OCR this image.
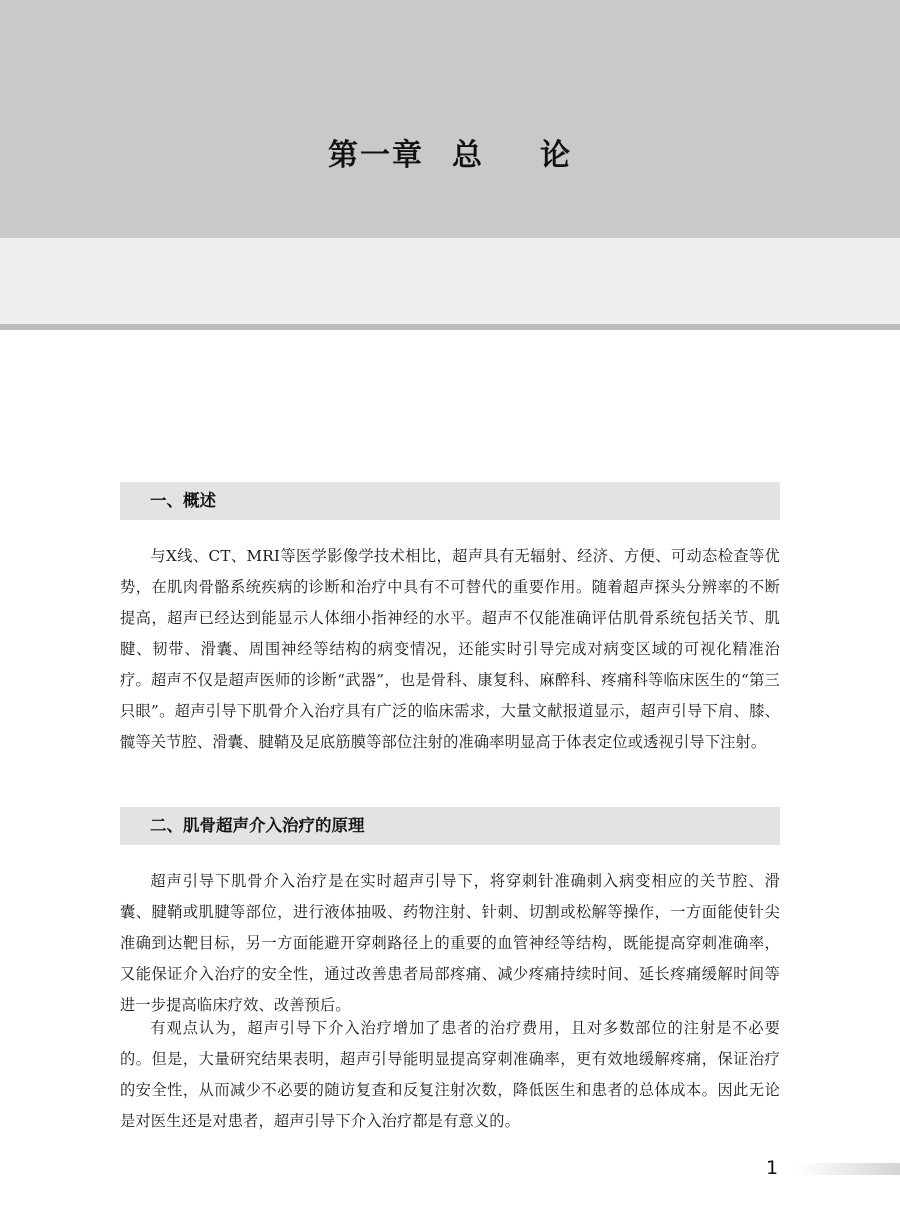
第一章 总 论
一、概述

与X线、CT、MRI等医学影像学技术相比，超声具有无辐射、经济、方便、可动态检查等优势，在肌肉骨骼系统疾病的诊断和治疗中具有不可替代的重要作用。随着超声探头分辨率的不断提高，超声已经达到能显示人体细小指神经的水平。超声不仅能准确评估肌骨系统包括关节、肌腱、韧带、滑囊、周围神经等结构的病变情况，还能实时引导完成对病变区域的可视化精准治疗。超声不仅是超声医师的诊断“武器”，也是骨科、康复科、麻醉科、疼痛科等临床医生的“第三只眼”。超声引导下肌骨介入治疗具有广泛的临床需求，大量文献报道显示，超声引导下肩、膝、髋等关节腔、滑囊、腱鞘及足底筋膜等部位注射的准确率明显高于体表定位或透视引导下注射。

二、肌骨超声介入治疗的原理

超声引导下肌骨介入治疗是在实时超声引导下，将穿刺针准确刺入病变相应的关节腔、滑囊、腱鞘或肌腱等部位，进行液体抽吸、药物注射、针刺、切割或松解等操作，一方面能使针尖准确到达靶目标，另一方面能避开穿刺路径上的重要的血管神经等结构，既能提高穿刺准确率，又能保证介入治疗的安全性，通过改善患者局部疼痛、减少疼痛持续时间、延长疼痛缓解时间等进一步提高临床疗效、改善预后。

有观点认为，超声引导下介入治疗增加了患者的治疗费用，且对多数部位的注射是不必要的。但是，大量研究结果表明，超声引导能明显提高穿刺准确率，更有效地缓解疼痛，保证治疗的安全性，从而减少不必要的随访复查和反复注射次数，降低医生和患者的总体成本。因此无论是对医生还是对患者，超声引导下介入治疗都是有意义的。

1
